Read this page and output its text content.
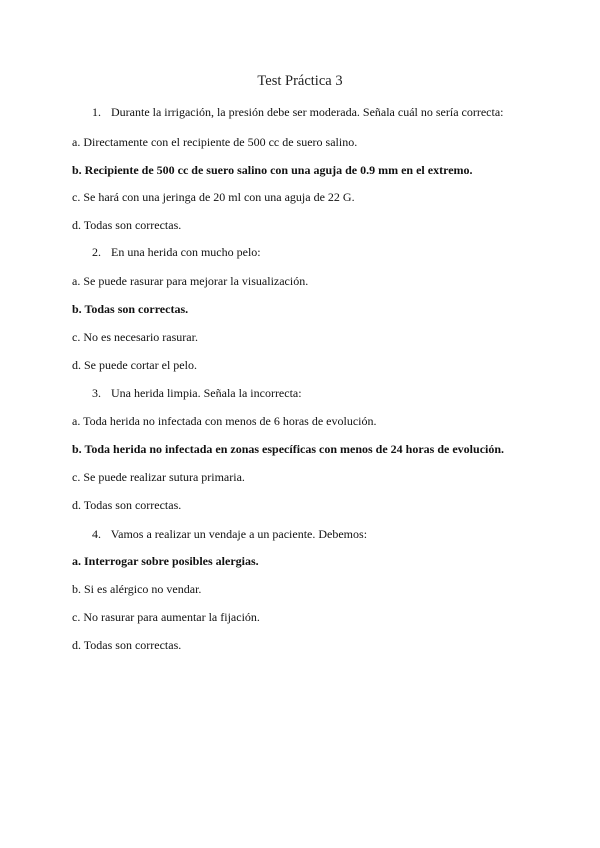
Test Práctica 3

1. Durante la irrigación, la presión debe ser moderada. Señala cuál no sería correcta:

a. Directamente con el recipiente de 500 cc de suero salino.

b. Recipiente de 500 cc de suero salino con una aguja de 0.9 mm en el extremo.

c. Se hará con una jeringa de 20 ml con una aguja de 22 G.

d. Todas son correctas.

2. En una herida con mucho pelo:

a. Se puede rasurar para mejorar la visualización.

b. Todas son correctas.

c. No es necesario rasurar.

d. Se puede cortar el pelo.

3. Una herida limpia. Señala la incorrecta:

a. Toda herida no infectada con menos de 6 horas de evolución.

b. Toda herida no infectada en zonas específicas con menos de 24 horas de evolución.

c. Se puede realizar sutura primaria.

d. Todas son correctas.

4. Vamos a realizar un vendaje a un paciente. Debemos:

a. Interrogar sobre posibles alergias.

b. Si es alérgico no vendar.

c. No rasurar para aumentar la fijación.

d. Todas son correctas.
